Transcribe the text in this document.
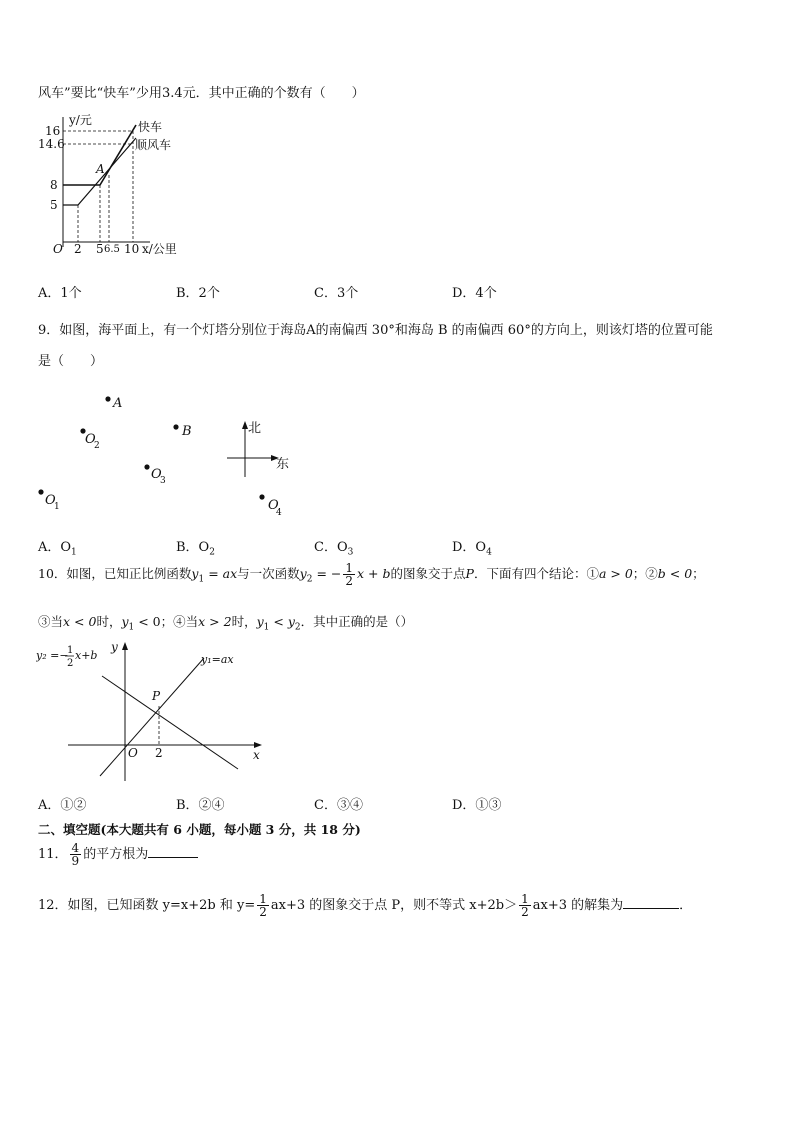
风车”要比“快车”少用3.4元．其中正确的个数有（　　）
y/元
16
14.6
8
5
O 2 5 6.5 10 x/公里
A
快车
顺风车
A．1个	B．2个	C．3个	D．4个
9．如图，海平面上，有一个灯塔分别位于海岛A的南偏西 30°和海岛 B 的南偏西 60°的方向上，则该灯塔的位置可能
是（　　）
A
B
O
2
O
3
O
1	O
4
北
东
A．$O_1$	B．$O_2$	C．$O_3$	D．$O_4$
10．如图，已知正比例函数$y_1$ = ax与一次函数$y_2$ = − $\frac{1}{2}$ x + b的图象交于点P．下面有四个结论：①a > 0；②b < 0；
③当x < 0时，$y_1 < 0$；④当x > 2时，$y_1 < y_2$．其中正确的是（）
y
x
O 2
P
y₁=ax
y₂ =−
1
2
x+b
A．①②	B．②④	C．③④	D．①③
二、填空题(本大题共有 6 小题，每小题 3 分，共 18 分)
11． $\frac{4}{9}$ 的平方根为
12．如图，已知函数 y=x+2b 和 $y= \frac{1}{2} ax+3$ 的图象交于点 P，则不等式 $x+2b> \frac{1}{2} ax+3$ 的解集为	．
